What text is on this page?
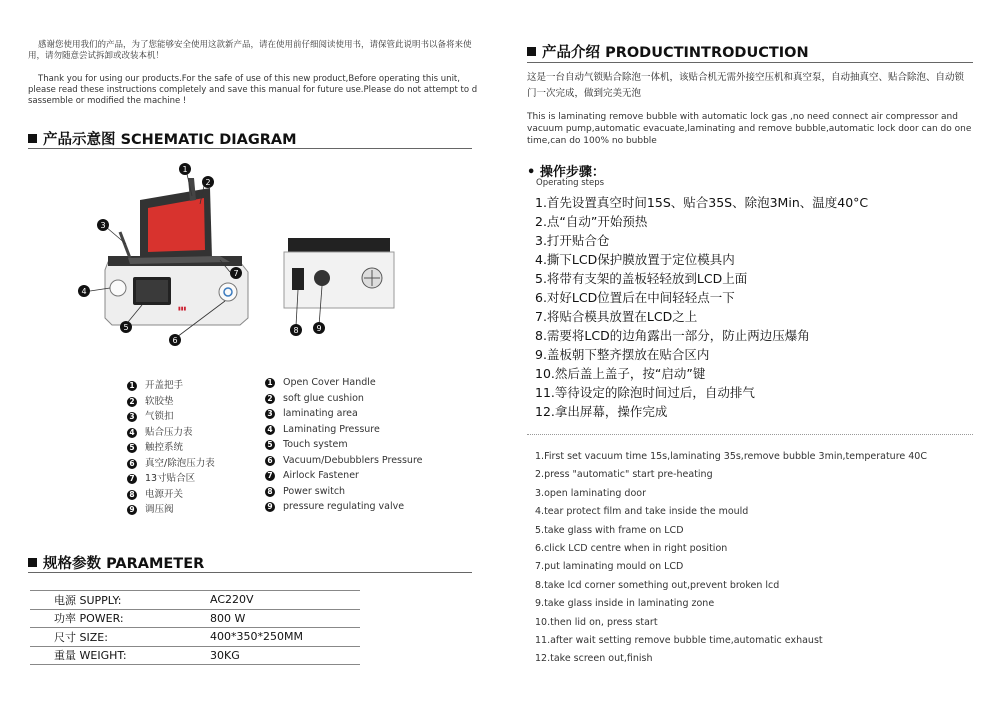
感谢您使用我们的产品，为了您能够安全使用这款新产品，请在使用前仔细阅读使用书，请保管此说明书以备将来使用，请勿随意尝试拆卸或改装本机！
Thank you for using our products.For the safe of use of this new product,Before operating this unit, please read these instructions completely and save this manual for future use.Please do not attempt to d sassemble or modified the machine !
产品示意图 SCHEMATIC DIAGRAM
▮▮▮
1
2
3
4
5
6
7
8 9
1 开盖把手
2 软胶垫
3 气锁扣
4 贴合压力表
5 触控系统
6 真空/除泡压力表
7 13寸贴合区
8 电源开关
9 调压阀
1 Open Cover Handle
2 soft glue cushion
3 laminating area
4 Laminating Pressure
5 Touch system
6 Vacuum/Debubblers Pressure
7 Airlock Fastener
8 Power switch
9 pressure regulating valve
规格参数 PARAMETER
电源 SUPPLY:	AC220V
功率 POWER:	800 W
尺寸 SIZE:	400*350*250MM
重量 WEIGHT:	30KG
产品介绍 PRODUCTINTRODUCTION
这是一台自动气锁贴合除泡一体机，该贴合机无需外接空压机和真空泵，自动抽真空、贴合除泡、自动锁门一次完成，做到完美无泡
This is laminating remove bubble with automatic lock gas ,no need connect air compressor and vacuum pump,automatic evacuate,laminating and remove bubble,automatic lock door can do one time,can do 100% no bubble
• 操作步骤：
Operating steps
1.首先设置真空时间15S、贴合35S、除泡3Min、温度40°C
2.点“自动”开始预热
3.打开贴合仓
4.撕下LCD保护膜放置于定位模具内
5.将带有支架的盖板轻轻放到LCD上面
6.对好LCD位置后在中间轻轻点一下
7.将贴合模具放置在LCD之上
8.需要将LCD的边角露出一部分，防止两边压爆角
9.盖板朝下整齐摆放在贴合区内
10.然后盖上盖子，按“启动”键
11.等待设定的除泡时间过后，自动排气
12.拿出屏幕，操作完成
1.First set vacuum time 15s,laminating 35s,remove bubble 3min,temperature 40C
2.press "automatic" start pre-heating
3.open laminating door
4.tear protect film and take inside the mould
5.take glass with frame on LCD
6.click LCD centre when in right position
7.put laminating mould on LCD
8.take lcd corner something out,prevent broken lcd
9.take glass inside in laminating zone
10.then lid on, press start
11.after wait setting remove bubble time,automatic exhaust
12.take screen out,finish
